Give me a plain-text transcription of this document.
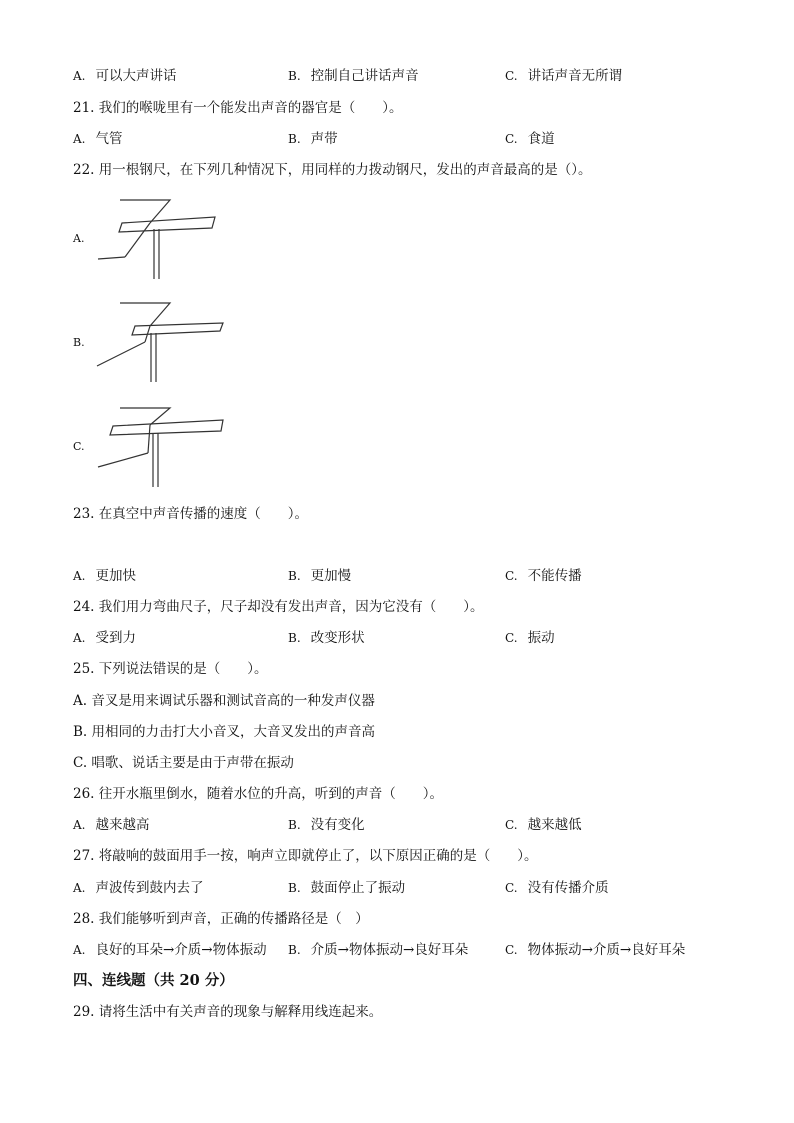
A. 可以大声讲话	B. 控制自己讲话声音	C. 讲话声音无所谓
21. 我们的喉咙里有一个能发出声音的器官是（　　）。
A. 气管	B. 声带	C. 食道
22. 用一根钢尺，在下列几种情况下，用同样的力拨动钢尺，发出的声音最高的是（）。
A.
B.
C.
23. 在真空中声音传播的速度（　　）。
A. 更加快	B. 更加慢	C. 不能传播
24. 我们用力弯曲尺子，尺子却没有发出声音，因为它没有（　　）。
A. 受到力	B. 改变形状	C. 振动
25. 下列说法错误的是（　　）。
A. 音叉是用来调试乐器和测试音高的一种发声仪器
B. 用相同的力击打大小音叉，大音叉发出的声音高
C. 唱歌、说话主要是由于声带在振动
26. 往开水瓶里倒水，随着水位的升高，听到的声音（　　）。
A. 越来越高	B. 没有变化	C. 越来越低
27. 将敲响的鼓面用手一按，响声立即就停止了，以下原因正确的是（　　）。
A. 声波传到鼓内去了	B. 鼓面停止了振动	C. 没有传播介质
28. 我们能够听到声音，正确的传播路径是（　）
A. 良好的耳朵→介质→物体振动 B. 介质→物体振动→良好耳朵	C. 物体振动→介质→良好耳朵
四、连线题（共 20 分）
29. 请将生活中有关声音的现象与解释用线连起来。
